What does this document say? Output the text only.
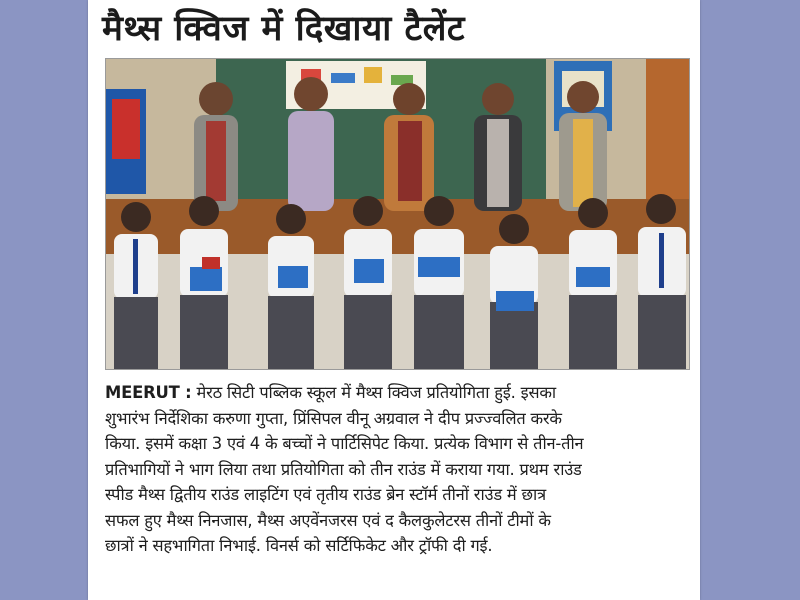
मैथ्स क्विज में दिखाया टैलेंट
MEERUT : मेरठ सिटी पब्लिक स्कूल में मैथ्स क्विज प्रतियोगिता हुई. इसका
शुभारंभ निर्देशिका करुणा गुप्ता, प्रिंसिपल वीनू अग्रवाल ने दीप प्रज्ज्वलित करके
किया. इसमें कक्षा 3 एवं 4 के बच्चों ने पार्टिसिपेट किया. प्रत्येक विभाग से तीन-तीन
प्रतिभागियों ने भाग लिया तथा प्रतियोगिता को तीन राउंड में कराया गया. प्रथम राउंड
स्पीड मैथ्स द्वितीय राउंड लाइटिंग एवं तृतीय राउंड ब्रेन स्टॉर्म तीनों राउंड में छात्र
सफल हुए मैथ्स निनजास, मैथ्स अएवेंनजरस एवं द कैलकुलेटरस तीनों टीमों के
छात्रों ने सहभागिता निभाई. विनर्स को सर्टिफिकेट और ट्रॉफी दी गई.
